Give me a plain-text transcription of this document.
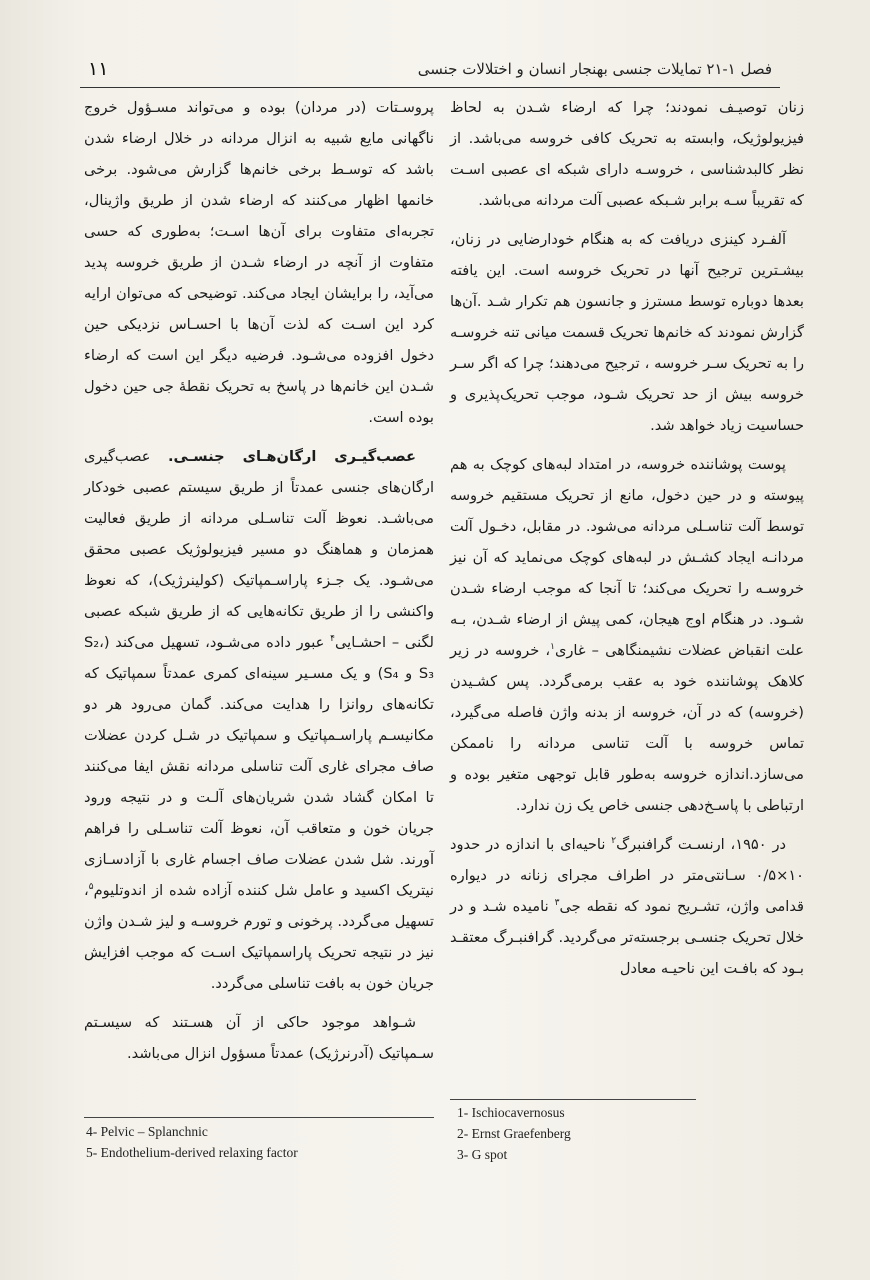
۱۱	فصل ۱-۲۱ تمایلات جنسی بهنجار انسان و اختلالات جنسی

زنان توصیـف نمودند؛ چرا که ارضاء شـدن به لحاظ فیزیولوژیک، وابسته به تحریک کافی خروسه می‌باشد. از نظر کالبدشناسی ، خروسـه دارای شبکه ای عصبی اسـت که تقریباً سـه برابر شـبکه عصبی آلت مردانه می‌باشد.

آلفـرد کینزی دریافت که به هنگام خودارضایی در زنان، بیشـترین ترجیح آنها در تحریک خروسه است. این یافته بعدها دوباره توسط مسترز و جانسون هم تکرار شـد .آن‌ها گزارش نمودند که خانم‌ها تحریک قسمت میانی تنه خروسـه را به تحریک سـر خروسه ، ترجیح می‌دهند؛ چرا که اگر سـر خروسه بیش از حد تحریک شـود، موجب تحریک‌پذیری و حساسیت زیاد خواهد شد.

پوست پوشاننده خروسه، در امتداد لبه‌های کوچک به هم پیوسته و در حین دخول، مانع از تحریک مستقیم خروسه توسط آلت تناسـلی مردانه می‌شود. در مقابل، دخـول آلت مردانـه ایجاد کشـش در لبه‌های کوچک می‌نماید که آن نیز خروسـه را تحریک می‌کند؛ تا آنجا که موجب ارضاء شـدن شـود. در هنگام اوج هیجان، کمی پیش از ارضاء شـدن، بـه علت انقباض عضلات نشیمنگاهی – غاری$^۱$، خروسه در زیر کلاهک پوشاننده خود به عقب برمی‌گردد. پس کشـیدن (خروسه) که در آن، خروسه از بدنه واژن فاصله می‌گیرد، تماس خروسه با آلت تناسی مردانه را ناممکن می‌سازد.اندازه خروسه به‌طور قابل توجهی متغیر بوده و ارتباطی با پاسـخ‌دهی جنسی خاص یک زن ندارد.

در ۱۹۵۰، ارنسـت گرافنبرگ$^۲$ ناحیه‌ای با اندازه در حدود ۱۰×۰/۵ سـانتی‌متر در اطراف مجرای زنانه در دیواره قدامی واژن، تشـریح نمود که نقطه جی$^۳$ نامیده شـد و در خلال تحریک جنسـی برجسته‌تر می‌گردید. گرافنبـرگ معتقـد بـود که بافـت این ناحیـه معادل

پروسـتات (در مردان) بوده و می‌تواند مسـؤول خروج ناگهانی مایع شبیه به انزال مردانه در خلال ارضاء شدن باشد که توسـط برخی خانم‌ها گزارش می‌شود. برخی خانمها اظهار می‌کنند که ارضاء شدن از طریق واژینال، تجربه‌ای متفاوت برای آن‌ها اسـت؛ به‌طوری که حسی متفاوت از آنچه در ارضاء شـدن از طریق خروسه پدید می‌آید، را برایشان ایجاد می‌کند. توضیحی که می‌توان ارایه کرد این اسـت که لذت آن‌ها با احسـاس نزدیکی حین دخول افزوده می‌شـود. فرضیه دیگر این است که ارضاء شـدن این خانم‌ها در پاسخ به تحریک نقطهٔ جی حین دخول بوده است.

عصب‌گیـری ارگان‌هـای جنسـی. عصب‌گیری ارگان‌های جنسی عمدتاً از طریق سیستم عصبی خودکار می‌باشـد. نعوظ آلت تناسـلی مردانه از طریق فعالیت همزمان و هماهنگ دو مسیر فیزیولوژیک عصبی محقق می‌شـود. یک جـزء پاراسـمپاتیک (کولینرژیک)، که نعوظ واکنشی را از طریق تکانه‌هایی که از طریق شبکه عصبی لگنی – احشـایی$^۴$ عبور داده می‌شـود، تسهیل می‌کند (S₂، S₃ و S₄) و یک مسـیر سینه‌ای کمری عمدتاً سمپاتیک که تکانه‌های روانزا را هدایت می‌کند. گمان می‌رود هر دو مکانیسـم پاراسـمپاتیک و سمپاتیک در شـل کردن عضلات صاف مجرای غاری آلت تناسلی مردانه نقش ایفا می‌کنند تا امکان گشاد شدن شریان‌های آلـت و در نتیجه ورود جریان خون و متعاقب آن، نعوظ آلت تناسـلی را فراهم آورند. شل شدن عضلات صاف اجسام غاری با آزادسـازی نیتریک اکسید و عامل شل کننده آزاده شده از اندوتلیوم$^۵$، تسهیل می‌گردد. پرخونی و تورم خروسـه و لیز شـدن واژن نیز در نتیجه تحریک پاراسمپاتیک اسـت که موجب افزایش جریان خون به بافت تناسلی می‌گردد.

شـواهد موجود حاکی از آن هسـتند که سیسـتم سـمپاتیک (آدرنرژیک) عمدتاً مسؤول انزال می‌باشد.

1- Ischiocavernosus
2- Ernst Graefenberg
3- G spot
4- Pelvic – Splanchnic
5- Endothelium-derived relaxing factor
